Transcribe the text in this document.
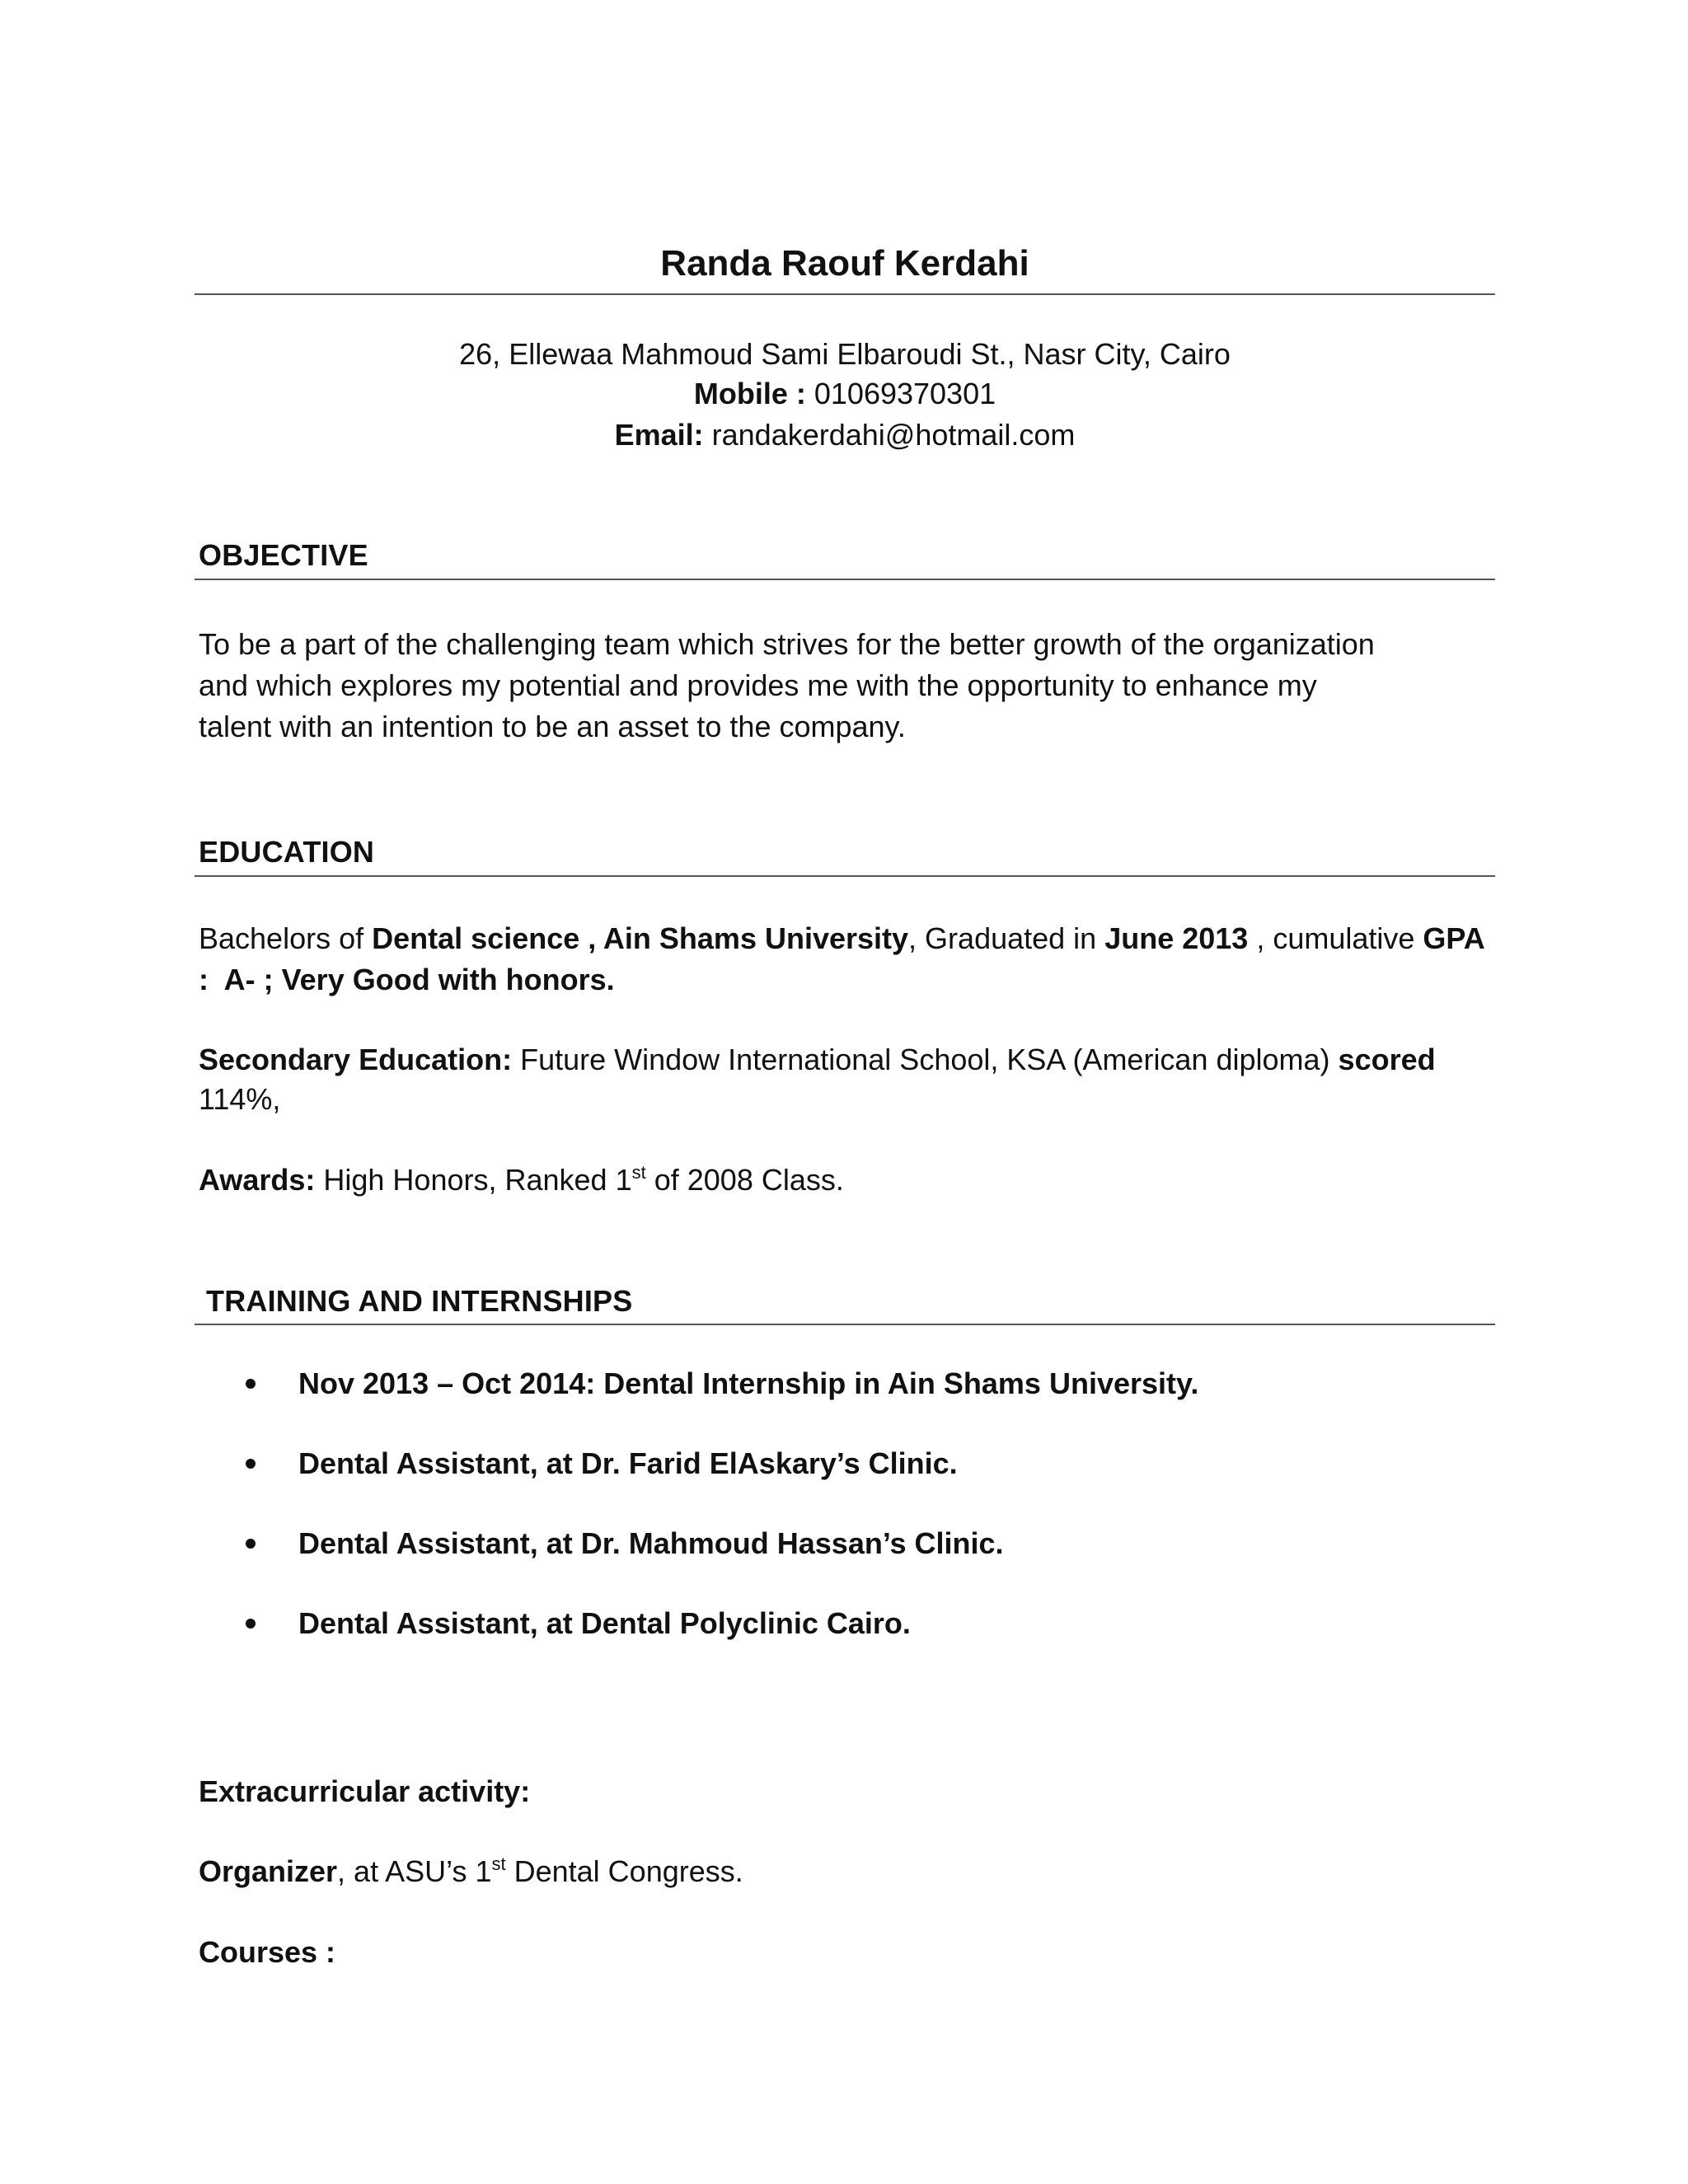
Randa Raouf Kerdahi
26, Ellewaa Mahmoud Sami Elbaroudi St., Nasr City, Cairo
Mobile : 01069370301
Email: randakerdahi@hotmail.com
OBJECTIVE
To be a part of the challenging team which strives for the better growth of the organization
and which explores my potential and provides me with the opportunity to enhance my
talent with an intention to be an asset to the company.
EDUCATION
Bachelors of Dental science , Ain Shams University, Graduated in June 2013 , cumulative GPA
:  A- ; Very Good with honors.
Secondary Education: Future Window International School, KSA (American diploma) scored
114%,
Awards: High Honors, Ranked 1st of 2008 Class.
TRAINING AND INTERNSHIPS
Nov 2013 – Oct 2014: Dental Internship in Ain Shams University.
Dental Assistant, at Dr. Farid ElAskary’s Clinic.
Dental Assistant, at Dr. Mahmoud Hassan’s Clinic.
Dental Assistant, at Dental Polyclinic Cairo.
Extracurricular activity:
Organizer, at ASU’s 1st Dental Congress.
Courses :
